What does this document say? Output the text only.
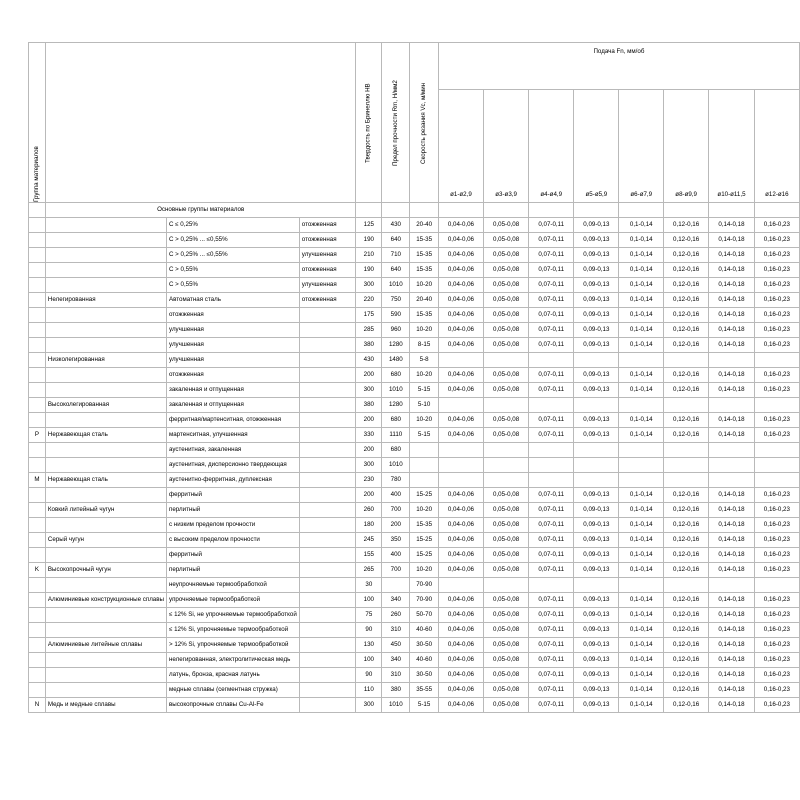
Группа материалов				Твердость по Бринеллю HB	Предел прочности Rm, Н/мм2	Скорость резания Vc, м/мин	Подача Fn, мм/об							
							ø1-ø2,9	ø3-ø3,9	ø4-ø4,9	ø5-ø5,9	ø6-ø7,9	ø8-ø9,9	ø10-ø11,5	ø12-ø16
	Основные группы материалов													
		C ≤ 0,25%	отожженная	125	430	20-40	0,04-0,06	0,05-0,08	0,07-0,11	0,09-0,13	0,1-0,14	0,12-0,16	0,14-0,18	0,16-0,23
		C > 0,25% ... ≤0,55%	отожженная	190	640	15-35	0,04-0,06	0,05-0,08	0,07-0,11	0,09-0,13	0,1-0,14	0,12-0,16	0,14-0,18	0,16-0,23
		C > 0,25% ... ≤0,55%	улучшенная	210	710	15-35	0,04-0,06	0,05-0,08	0,07-0,11	0,09-0,13	0,1-0,14	0,12-0,16	0,14-0,18	0,16-0,23
		C > 0,55%	отожженная	190	640	15-35	0,04-0,06	0,05-0,08	0,07-0,11	0,09-0,13	0,1-0,14	0,12-0,16	0,14-0,18	0,16-0,23
		C > 0,55%	улучшенная	300	1010	10-20	0,04-0,06	0,05-0,08	0,07-0,11	0,09-0,13	0,1-0,14	0,12-0,16	0,14-0,18	0,16-0,23
	Нелегированная	Автоматная сталь	отожженная	220	750	20-40	0,04-0,06	0,05-0,08	0,07-0,11	0,09-0,13	0,1-0,14	0,12-0,16	0,14-0,18	0,16-0,23
		отожженная		175	590	15-35	0,04-0,06	0,05-0,08	0,07-0,11	0,09-0,13	0,1-0,14	0,12-0,16	0,14-0,18	0,16-0,23
		улучшенная		285	960	10-20	0,04-0,06	0,05-0,08	0,07-0,11	0,09-0,13	0,1-0,14	0,12-0,16	0,14-0,18	0,16-0,23
		улучшенная		380	1280	8-15	0,04-0,06	0,05-0,08	0,07-0,11	0,09-0,13	0,1-0,14	0,12-0,16	0,14-0,18	0,16-0,23
	Низколегированная	улучшенная		430	1480	5-8								
		отожженная		200	680	10-20	0,04-0,06	0,05-0,08	0,07-0,11	0,09-0,13	0,1-0,14	0,12-0,16	0,14-0,18	0,16-0,23
		закаленная и отпущенная		300	1010	5-15	0,04-0,06	0,05-0,08	0,07-0,11	0,09-0,13	0,1-0,14	0,12-0,16	0,14-0,18	0,16-0,23
	Высоколегированная	закаленная и отпущенная		380	1280	5-10								
		ферритная/мартенситная, отожженная		200	680	10-20	0,04-0,06	0,05-0,08	0,07-0,11	0,09-0,13	0,1-0,14	0,12-0,16	0,14-0,18	0,16-0,23
P	Нержавеющая сталь	мартенситная, улучшенная		330	1110	5-15	0,04-0,06	0,05-0,08	0,07-0,11	0,09-0,13	0,1-0,14	0,12-0,16	0,14-0,18	0,16-0,23
		аустенитная, закаленная		200	680									
		аустенитная, дисперсионно твердеющая		300	1010									
M	Нержавеющая сталь	аустенитно-ферритная, дуплексная		230	780									
		ферритный		200	400	15-25	0,04-0,06	0,05-0,08	0,07-0,11	0,09-0,13	0,1-0,14	0,12-0,16	0,14-0,18	0,16-0,23
	Ковкий литейный чугун	перлитный		260	700	10-20	0,04-0,06	0,05-0,08	0,07-0,11	0,09-0,13	0,1-0,14	0,12-0,16	0,14-0,18	0,16-0,23
		с низким пределом прочности		180	200	15-35	0,04-0,06	0,05-0,08	0,07-0,11	0,09-0,13	0,1-0,14	0,12-0,16	0,14-0,18	0,16-0,23
	Серый чугун	с высоким пределом прочности		245	350	15-25	0,04-0,06	0,05-0,08	0,07-0,11	0,09-0,13	0,1-0,14	0,12-0,16	0,14-0,18	0,16-0,23
		ферритный		155	400	15-25	0,04-0,06	0,05-0,08	0,07-0,11	0,09-0,13	0,1-0,14	0,12-0,16	0,14-0,18	0,16-0,23
K	Высокопрочный чугун	перлитный		265	700	10-20	0,04-0,06	0,05-0,08	0,07-0,11	0,09-0,13	0,1-0,14	0,12-0,16	0,14-0,18	0,16-0,23
		неупрочняемые термообработкой		30		70-90								
	Алюминиевые конструкционные сплавы	упрочняемые термообработкой		100	340	70-90	0,04-0,06	0,05-0,08	0,07-0,11	0,09-0,13	0,1-0,14	0,12-0,16	0,14-0,18	0,16-0,23
		≤ 12% Si, не упрочняемые термообработкой		75	260	50-70	0,04-0,06	0,05-0,08	0,07-0,11	0,09-0,13	0,1-0,14	0,12-0,16	0,14-0,18	0,16-0,23
		≤ 12% Si, упрочняемые термообработкой		90	310	40-60	0,04-0,06	0,05-0,08	0,07-0,11	0,09-0,13	0,1-0,14	0,12-0,16	0,14-0,18	0,16-0,23
	Алюминиевые литейные сплавы	> 12% Si, упрочняемые термообработкой		130	450	30-50	0,04-0,06	0,05-0,08	0,07-0,11	0,09-0,13	0,1-0,14	0,12-0,16	0,14-0,18	0,16-0,23
		нелегированная, электролитическая медь		100	340	40-60	0,04-0,06	0,05-0,08	0,07-0,11	0,09-0,13	0,1-0,14	0,12-0,16	0,14-0,18	0,16-0,23
		латунь, бронза, красная латунь		90	310	30-50	0,04-0,06	0,05-0,08	0,07-0,11	0,09-0,13	0,1-0,14	0,12-0,16	0,14-0,18	0,16-0,23
		медные сплавы (сегментная стружка)		110	380	35-55	0,04-0,06	0,05-0,08	0,07-0,11	0,09-0,13	0,1-0,14	0,12-0,16	0,14-0,18	0,16-0,23
N	Медь и медные сплавы	высокопрочные сплавы Cu-Al-Fe		300	1010	5-15	0,04-0,06	0,05-0,08	0,07-0,11	0,09-0,13	0,1-0,14	0,12-0,16	0,14-0,18	0,16-0,23
